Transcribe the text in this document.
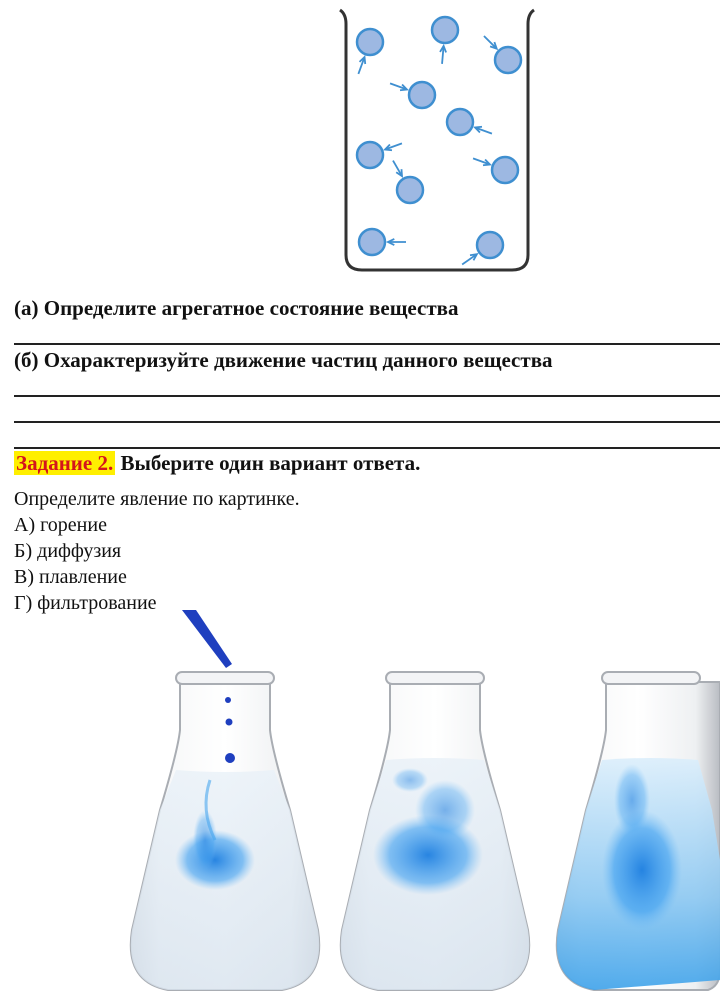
(а) Определите агрегатное состояние вещества
(б) Охарактеризуйте движение частиц данного вещества
Задание 2. Выберите один вариант ответа.
Определите явление по картинке.
А) горение
Б) диффузия
В) плавление
Г) фильтрование
